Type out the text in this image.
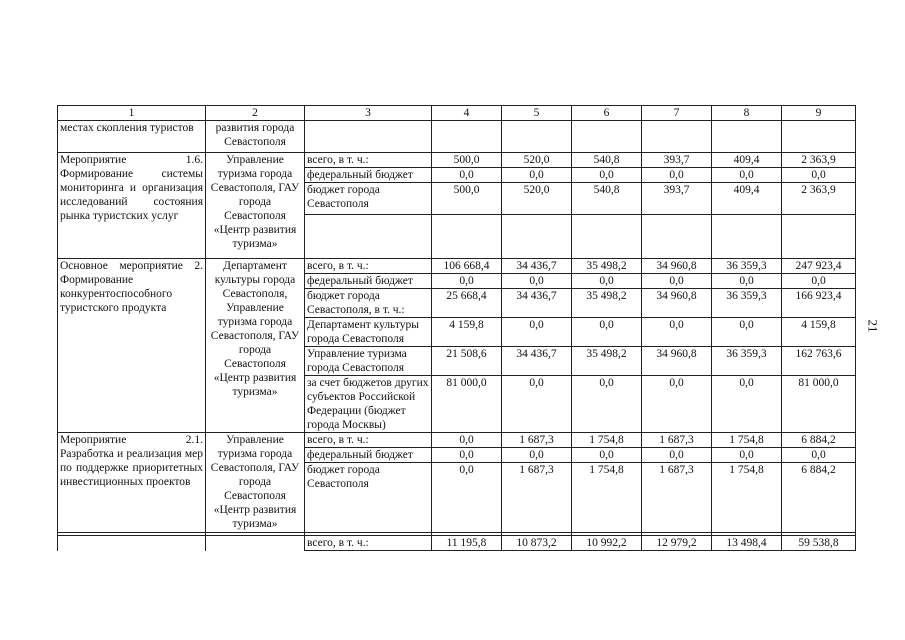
1	2	3	4	5	6	7	8	9
местах скопления туристов	развития города Севастополя							
Мероприятие 1.6. Формирование системы мониторинга и организация исследований состояния рынка туристских услуг	Управление туризма города Севастополя, ГАУ города Севастополя «Центр развития туризма»	всего, в т. ч.:	500,0	520,0	540,8	393,7	409,4	2 363,9
		федеральный бюджет	0,0	0,0	0,0	0,0	0,0	0,0
		бюджет города Севастополя	500,0	520,0	540,8	393,7	409,4	2 363,9

Основное мероприятие 2. Формирование конкурентоспособного туристского продукта	Департамент культуры города Севастополя, Управление туризма города Севастополя, ГАУ города Севастополя «Центр развития туризма»	всего, в т. ч.:	106 668,4	34 436,7	35 498,2	34 960,8	36 359,3	247 923,4
		федеральный бюджет	0,0	0,0	0,0	0,0	0,0	0,0
		бюджет города Севастополя, в т. ч.:	25 668,4	34 436,7	35 498,2	34 960,8	36 359,3	166 923,4
		Департамент культуры города Севастополя	4 159,8	0,0	0,0	0,0	0,0	4 159,8
		Управление туризма города Севастополя	21 508,6	34 436,7	35 498,2	34 960,8	36 359,3	162 763,6
		за счет бюджетов других субъектов Российской Федерации (бюджет города Москвы)	81 000,0	0,0	0,0	0,0	0,0	81 000,0
Мероприятие 2.1. Разработка и реализация мер по поддержке приоритетных инвестиционных проектов	Управление туризма города Севастополя, ГАУ города Севастополя «Центр развития туризма»	всего, в т. ч.:	0,0	1 687,3	1 754,8	1 687,3	1 754,8	6 884,2
		федеральный бюджет	0,0	0,0	0,0	0,0	0,0	0,0
		бюджет города Севастополя	0,0	1 687,3	1 754,8	1 687,3	1 754,8	6 884,2

		всего, в т. ч.:	11 195,8	10 873,2	10 992,2	12 979,2	13 498,4	59 538,8
21
